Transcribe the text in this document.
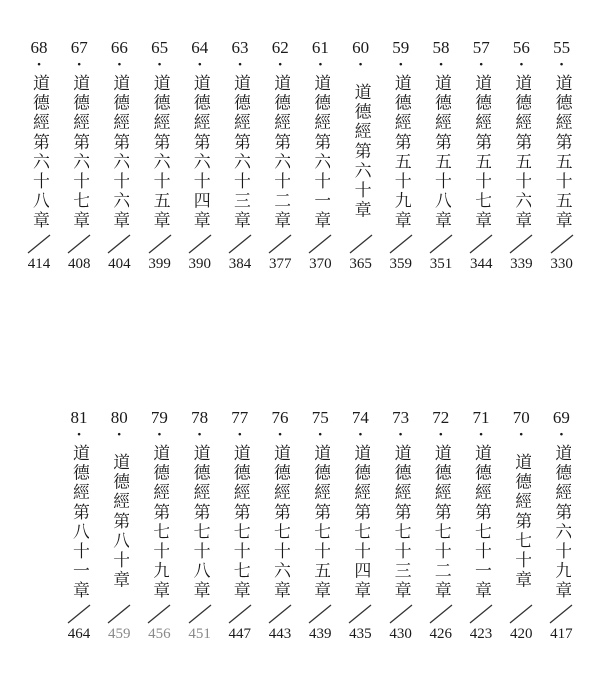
68
·
道德經第六十八章
414
67
·
道德經第六十七章
408
66
·
道德經第六十六章
404
65
·
道德經第六十五章
399
64
·
道德經第六十四章
390
63
·
道德經第六十三章
384
62
·
道德經第六十二章
377
61
·
道德經第六十一章
370
60
·
道德經第六十章
365
59
·
道德經第五十九章
359
58
·
道德經第五十八章
351
57
·
道德經第五十七章
344
56
·
道德經第五十六章
339
55
·
道德經第五十五章
330
81
·
道德經第八十一章
464
80
·
道德經第八十章
459
79
·
道德經第七十九章
456
78
·
道德經第七十八章
451
77
·
道德經第七十七章
447
76
·
道德經第七十六章
443
75
·
道德經第七十五章
439
74
·
道德經第七十四章
435
73
·
道德經第七十三章
430
72
·
道德經第七十二章
426
71
·
道德經第七十一章
423
70
·
道德經第七十章
420
69
·
道德經第六十九章
417
